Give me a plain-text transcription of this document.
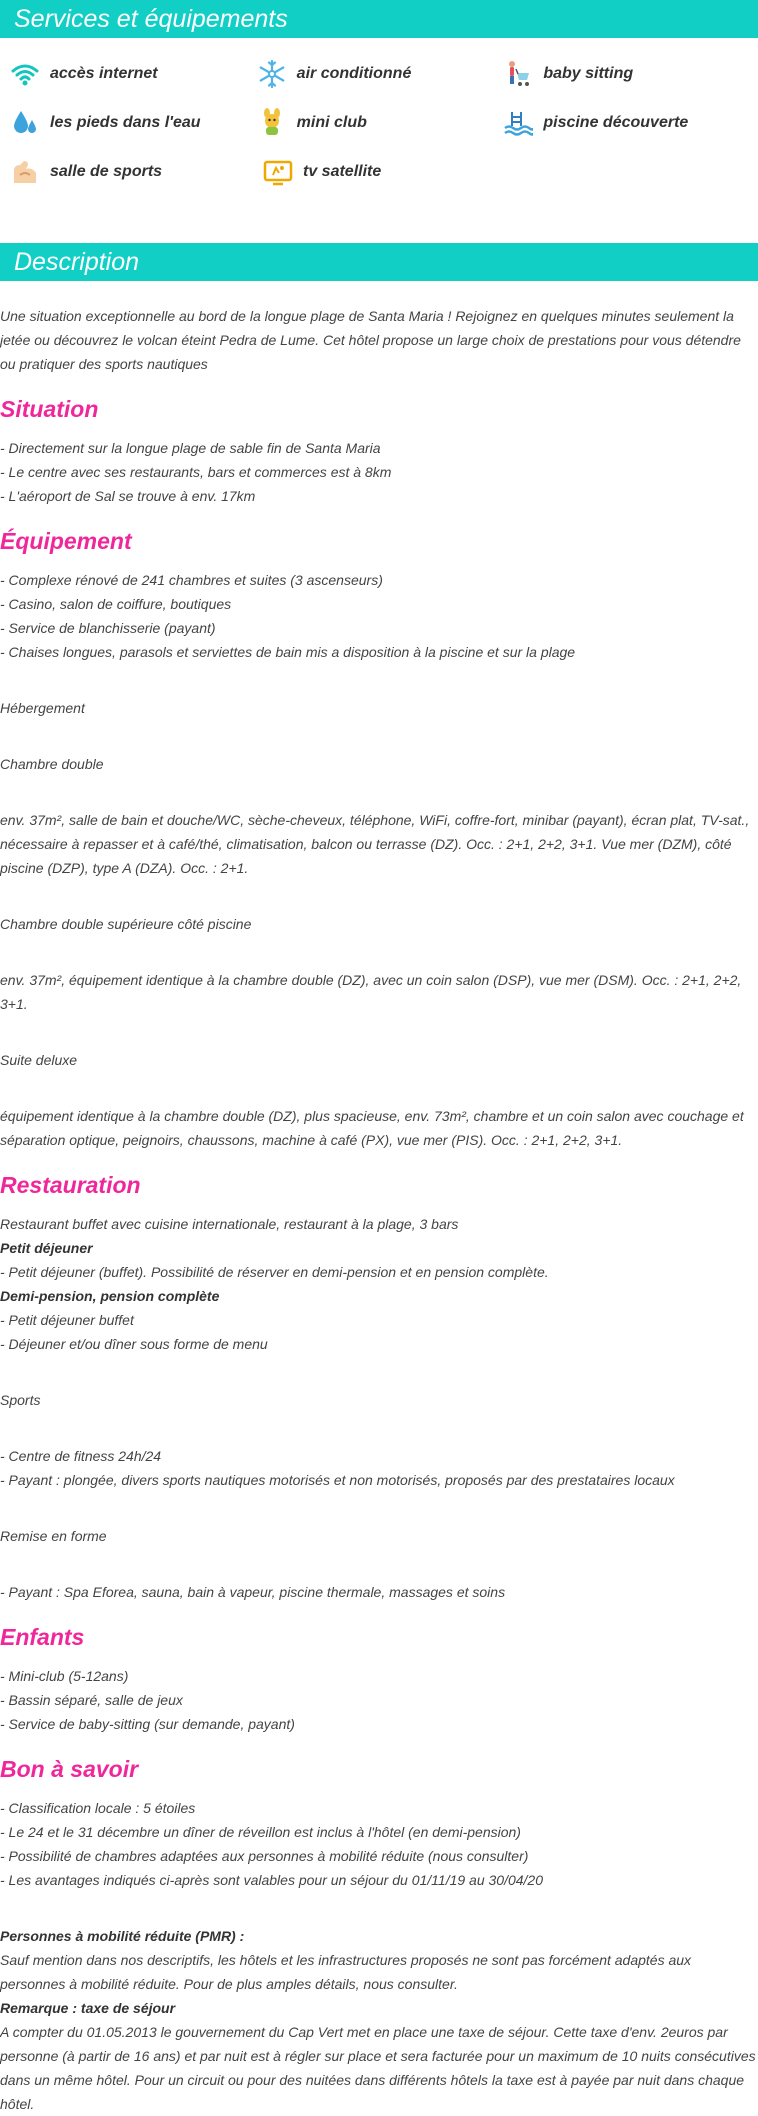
Services et équipements
accès internet	air conditionné	baby sitting
les pieds dans l'eau	mini club	piscine découverte
salle de sports	tv satellite
Description

Une situation exceptionnelle au bord de la longue plage de Santa Maria ! Rejoignez en quelques minutes seulement la jetée ou découvrez le volcan éteint Pedra de Lume. Cet hôtel propose un large choix de prestations pour vous détendre ou pratiquer des sports nautiques

Situation

- Directement sur la longue plage de sable fin de Santa Maria

- Le centre avec ses restaurants, bars et commerces est à 8km

- L'aéroport de Sal se trouve à env. 17km

Équipement

- Complexe rénové de 241 chambres et suites (3 ascenseurs)

- Casino, salon de coiffure, boutiques

- Service de blanchisserie (payant)

- Chaises longues, parasols et serviettes de bain mis a disposition à la piscine et sur la plage

Hébergement

Chambre double

env. 37m², salle de bain et douche/WC, sèche-cheveux, téléphone, WiFi, coffre-fort, minibar (payant), écran plat, TV-sat., nécessaire à repasser et à café/thé, climatisation, balcon ou terrasse (DZ). Occ. : 2+1, 2+2, 3+1. Vue mer (DZM), côté piscine (DZP), type A (DZA). Occ. : 2+1.

Chambre double supérieure côté piscine

env. 37m², équipement identique à la chambre double (DZ), avec un coin salon (DSP), vue mer (DSM). Occ. : 2+1, 2+2, 3+1.

Suite deluxe

équipement identique à la chambre double (DZ), plus spacieuse, env. 73m², chambre et un coin salon avec couchage et séparation optique, peignoirs, chaussons, machine à café (PX), vue mer (PIS). Occ. : 2+1, 2+2, 3+1.

Restauration

Restaurant buffet avec cuisine internationale, restaurant à la plage, 3 bars

Petit déjeuner

- Petit déjeuner (buffet). Possibilité de réserver en demi-pension et en pension complète.

Demi-pension, pension complète

- Petit déjeuner buffet

- Déjeuner et/ou dîner sous forme de menu

Sports

- Centre de fitness 24h/24

- Payant : plongée, divers sports nautiques motorisés et non motorisés, proposés par des prestataires locaux

Remise en forme

- Payant : Spa Eforea, sauna, bain à vapeur, piscine thermale, massages et soins

Enfants

- Mini-club (5-12ans)

- Bassin séparé, salle de jeux

- Service de baby-sitting (sur demande, payant)

Bon à savoir

- Classification locale : 5 étoiles

- Le 24 et le 31 décembre un dîner de réveillon est inclus à l'hôtel (en demi-pension)

- Possibilité de chambres adaptées aux personnes à mobilité réduite (nous consulter)

- Les avantages indiqués ci-après sont valables pour un séjour du 01/11/19 au 30/04/20

Personnes à mobilité réduite (PMR) :

Sauf mention dans nos descriptifs, les hôtels et les infrastructures proposés ne sont pas forcément adaptés aux personnes à mobilité réduite. Pour de plus amples détails, nous consulter.

Remarque : taxe de séjour

A compter du 01.05.2013 le gouvernement du Cap Vert met en place une taxe de séjour. Cette taxe d'env. 2euros par personne (à partir de 16 ans) et par nuit est à régler sur place et sera facturée pour un maximum de 10 nuits consécutives dans un même hôtel. Pour un circuit ou pour des nuitées dans différents hôtels la taxe est à payée par nuit dans chaque hôtel.
